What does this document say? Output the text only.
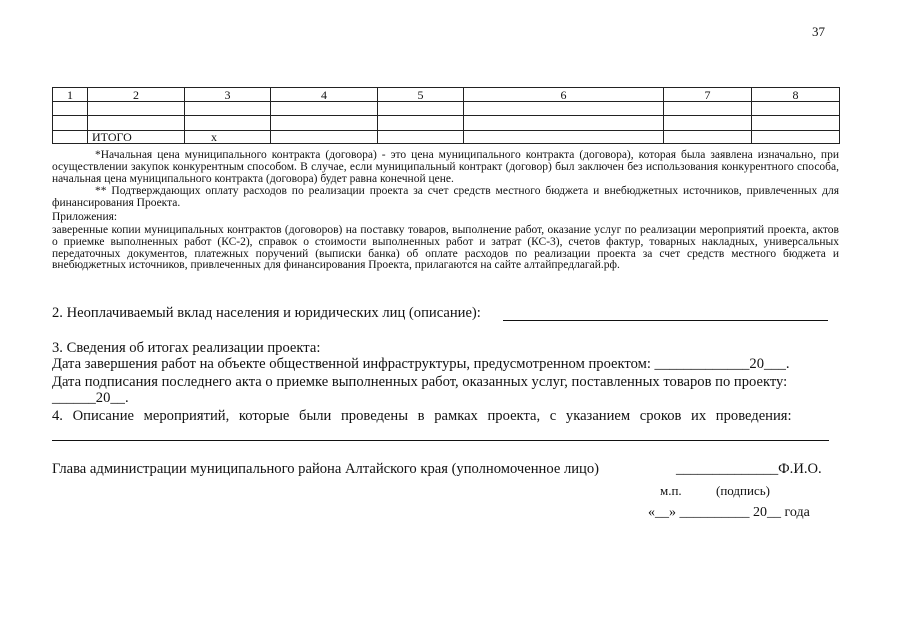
37
1	2	3	4	5	6	7	8

	ИТОГО	х					
*Начальная цена муниципального контракта (договора) - это цена муниципального контракта (договора), которая была заявлена изначально, при осуществлении закупок конкурентным способом. В случае, если муниципальный контракт (договор) был заключен без использования конкурентного способа, начальная цена муниципального контракта (договора) будет равна конечной цене.
** Подтверждающих оплату расходов по реализации проекта за счет средств местного бюджета и внебюджетных источников, привлеченных для финансирования Проекта.
Приложения:
заверенные копии муниципальных контрактов (договоров) на поставку товаров, выполнение работ, оказание услуг по реализации мероприятий проекта, актов о приемке выполненных работ (КС-2), справок о стоимости выполненных работ и затрат (КС-3), счетов фактур, товарных накладных, универсальных передаточных документов, платежных поручений (выписки банка) об оплате расходов по реализации проекта за счет средств местного бюджета и внебюджетных источников, привлеченных для финансирования Проекта, прилагаются на сайте алтайпредлагай.рф.
2. Неоплачиваемый вклад населения и юридических лиц (описание):
3. Сведения об итогах реализации проекта:
Дата завершения работ на объекте общественной инфраструктуры, предусмотренном проектом: _____________20___.
Дата подписания последнего акта о приемке выполненных работ, оказанных услуг, поставленных товаров по проекту:
______20__.
4. Описание мероприятий, которые были проведены в рамках проекта, с указанием сроков их проведения:
Глава администрации муниципального района Алтайского края (уполномоченное лицо)	______________Ф.И.О.
м.п.	(подпись)
«__» __________ 20__ года
